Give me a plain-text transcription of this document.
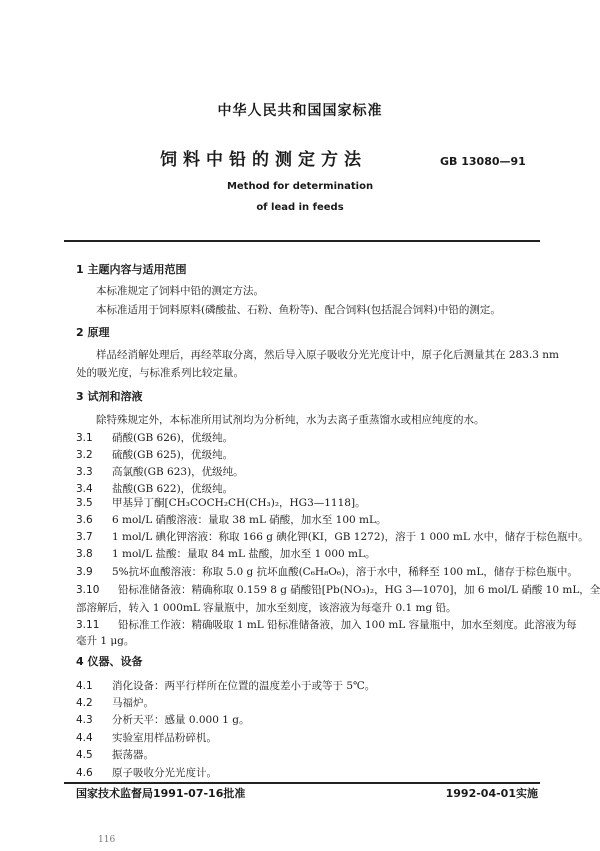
中华人民共和国国家标准
饲料中铅的测定方法	GB 13080—91
Method for determination
of lead in feeds
1 主题内容与适用范围
本标准规定了饲料中铅的测定方法。
本标准适用于饲料原料(磷酸盐、石粉、鱼粉等)、配合饲料(包括混合饲料)中铅的测定。
2 原理
样品经消解处理后，再经萃取分离，然后导入原子吸收分光光度计中，原子化后测量其在 283.3 nm
处的吸光度，与标准系列比较定量。
3 试剂和溶液
除特殊规定外，本标准所用试剂均为分析纯，水为去离子重蒸馏水或相应纯度的水。
3.1 硝酸(GB 626)，优级纯。
3.2 硫酸(GB 625)，优级纯。
3.3 高氯酸(GB 623)，优级纯。
3.4 盐酸(GB 622)，优级纯。
3.5 甲基异丁酮[CH₃COCH₂CH(CH₃)₂，HG3—1118]。
3.6 6 mol/L 硝酸溶液：量取 38 mL 硝酸，加水至 100 mL。
3.7 1 mol/L 碘化钾溶液：称取 166 g 碘化钾(KI，GB 1272)，溶于 1 000 mL 水中，储存于棕色瓶中。
3.8 1 mol/L 盐酸：量取 84 mL 盐酸，加水至 1 000 mL。
3.9 5%抗坏血酸溶液：称取 5.0 g 抗坏血酸(C₆H₈O₆)，溶于水中，稀释至 100 mL，储存于棕色瓶中。
3.10 铅标准储备液：精确称取 0.159 8 g 硝酸铅[Pb(NO₃)₂，HG 3—1070]，加 6 mol/L 硝酸 10 mL，全
部溶解后，转入 1 000mL 容量瓶中，加水至刻度，该溶液为每毫升 0.1 mg 铅。
3.11 铅标准工作液：精确吸取 1 mL 铅标准储备液，加入 100 mL 容量瓶中，加水至刻度。此溶液为每
毫升 1 μg。
4 仪器、设备
4.1 消化设备：两平行样所在位置的温度差小于或等于 5℃。
4.2 马福炉。
4.3 分析天平：感量 0.000 1 g。
4.4 实验室用样品粉碎机。
4.5 振荡器。
4.6 原子吸收分光光度计。
国家技术监督局1991-07-16批准	1992-04-01实施
116
